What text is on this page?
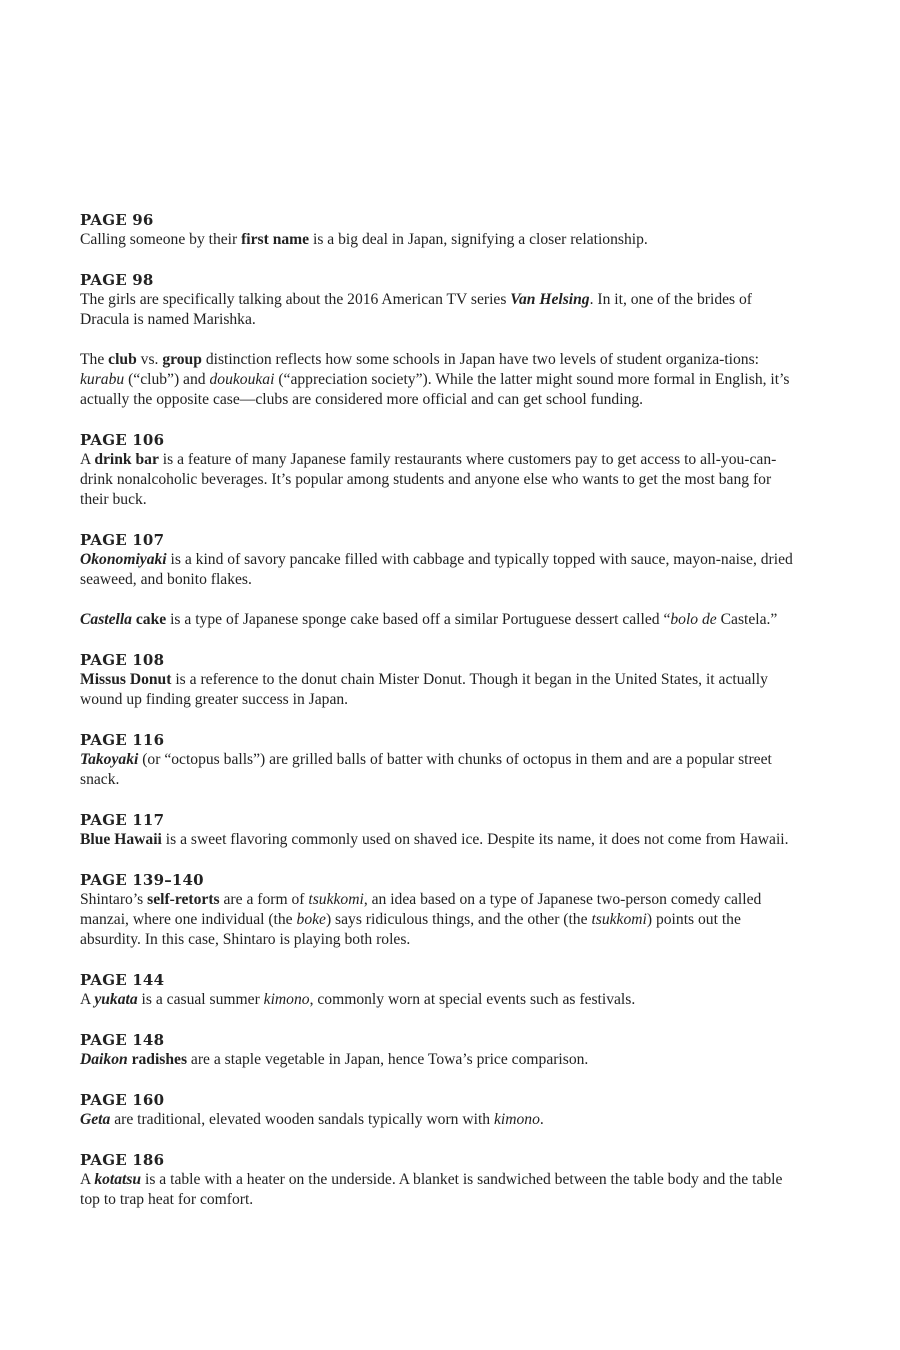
PAGE 96

Calling someone by their first name is a big deal in Japan, signifying a closer relationship.

PAGE 98

The girls are specifically talking about the 2016 American TV series Van Helsing. In it, one of the brides of Dracula is named Marishka.

The club vs. group distinction reflects how some schools in Japan have two levels of student organiza-tions: kurabu (“club”) and doukoukai (“appreciation society”). While the latter might sound more formal in English, it’s actually the opposite case—clubs are considered more official and can get school funding.

PAGE 106

A drink bar is a feature of many Japanese family restaurants where customers pay to get access to all-you-can-drink nonalcoholic beverages. It’s popular among students and anyone else who wants to get the most bang for their buck.

PAGE 107

Okonomiyaki is a kind of savory pancake filled with cabbage and typically topped with sauce, mayon-naise, dried seaweed, and bonito flakes.

Castella cake is a type of Japanese sponge cake based off a similar Portuguese dessert called “bolo de Castela.”

PAGE 108

Missus Donut is a reference to the donut chain Mister Donut. Though it began in the United States, it actually wound up finding greater success in Japan.

PAGE 116

Takoyaki (or “octopus balls”) are grilled balls of batter with chunks of octopus in them and are a popular street snack.

PAGE 117

Blue Hawaii is a sweet flavoring commonly used on shaved ice. Despite its name, it does not come from Hawaii.

PAGE 139–140

Shintaro’s self-retorts are a form of tsukkomi, an idea based on a type of Japanese two-person comedy called manzai, where one individual (the boke) says ridiculous things, and the other (the tsukkomi) points out the absurdity. In this case, Shintaro is playing both roles.

PAGE 144

A yukata is a casual summer kimono, commonly worn at special events such as festivals.

PAGE 148

Daikon radishes are a staple vegetable in Japan, hence Towa’s price comparison.

PAGE 160

Geta are traditional, elevated wooden sandals typically worn with kimono.

PAGE 186

A kotatsu is a table with a heater on the underside. A blanket is sandwiched between the table body and the table top to trap heat for comfort.
